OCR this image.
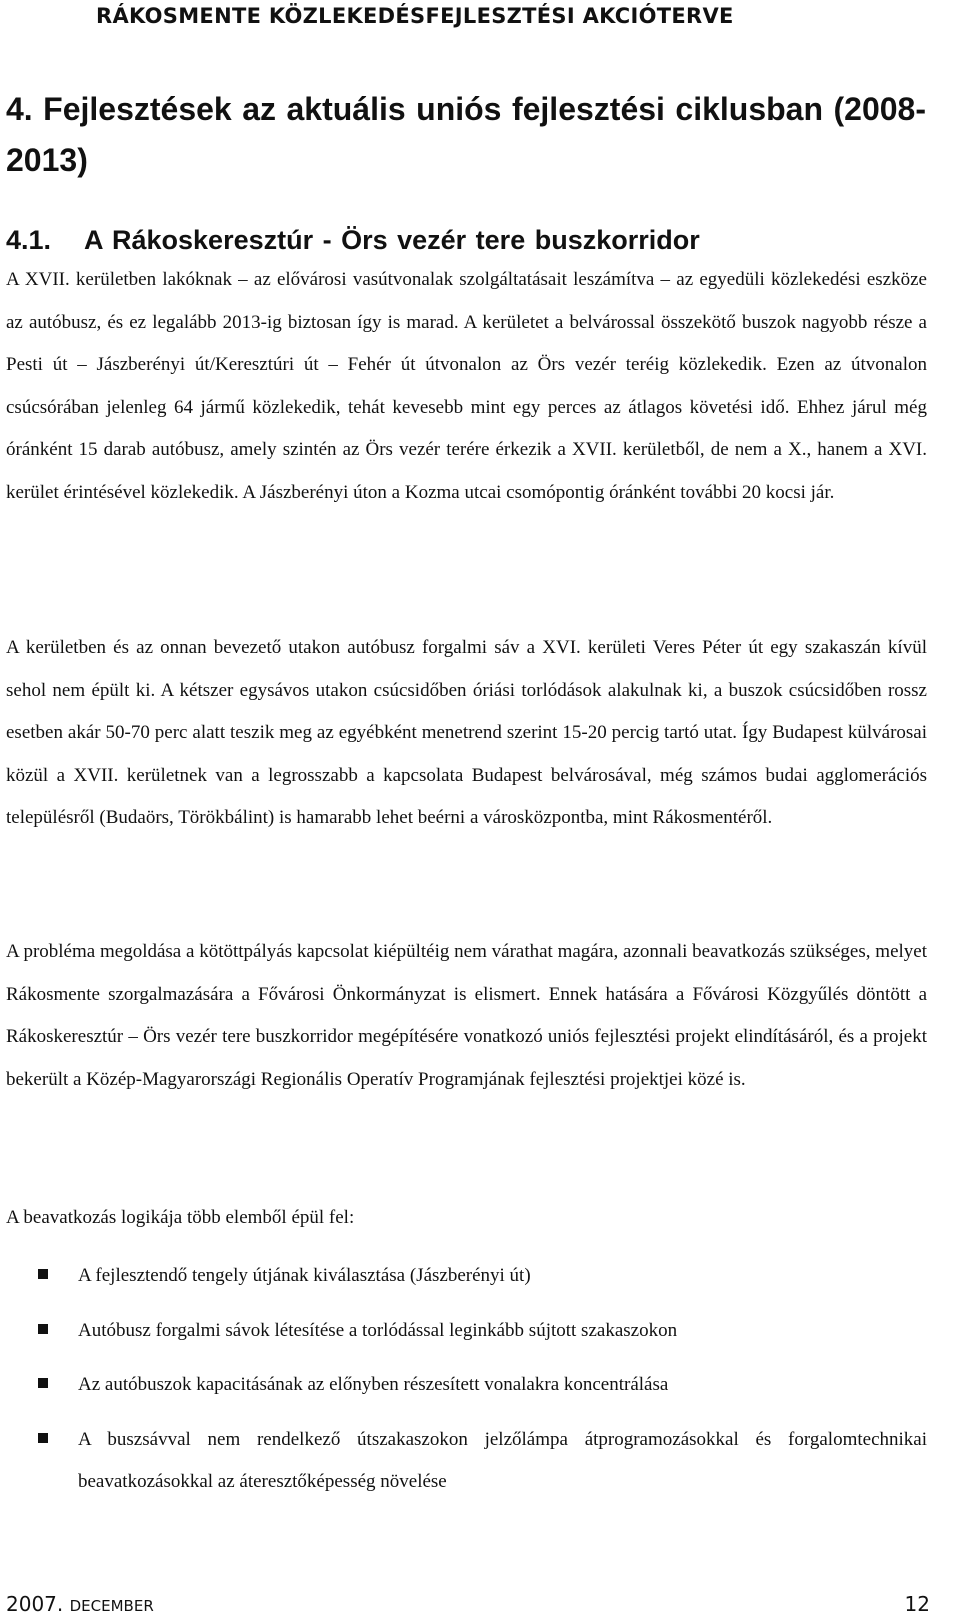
RÁKOSMENTE KÖZLEKEDÉSFEJLESZTÉSI AKCIÓTERVE
4. Fejlesztések az aktuális uniós fejlesztési ciklusban (2008-2013)
4.1. A Rákoskeresztúr - Örs vezér tere buszkorridor

A XVII. kerületben lakóknak – az elővárosi vasútvonalak szolgáltatásait leszámítva – az egyedüli közlekedési eszköze az autóbusz, és ez legalább 2013-ig biztosan így is marad. A kerületet a belvárossal összekötő buszok nagyobb része a Pesti út – Jászberényi út/Keresztúri út – Fehér út útvonalon az Örs vezér teréig közlekedik. Ezen az útvonalon csúcsórában jelenleg 64 jármű közlekedik, tehát kevesebb mint egy perces az átlagos követési idő. Ehhez járul még óránként 15 darab autóbusz, amely szintén az Örs vezér terére érkezik a XVII. kerületből, de nem a X., hanem a XVI. kerület érintésével közlekedik. A Jászberényi úton a Kozma utcai csomópontig óránként további 20 kocsi jár.

A kerületben és az onnan bevezető utakon autóbusz forgalmi sáv a XVI. kerületi Veres Péter út egy szakaszán kívül sehol nem épült ki. A kétszer egysávos utakon csúcsidőben óriási torlódások alakulnak ki, a buszok csúcsidőben rossz esetben akár 50-70 perc alatt teszik meg az egyébként menetrend szerint 15-20 percig tartó utat. Így Budapest külvárosai közül a XVII. kerületnek van a legrosszabb a kapcsolata Budapest belvárosával, még számos budai agglomerációs településről (Budaörs, Törökbálint) is hamarabb lehet beérni a városközpontba, mint Rákosmentéről.

A probléma megoldása a kötöttpályás kapcsolat kiépültéig nem várathat magára, azonnali beavatkozás szükséges, melyet Rákosmente szorgalmazására a Fővárosi Önkormányzat is elismert. Ennek hatására a Fővárosi Közgyűlés döntött a Rákoskeresztúr – Örs vezér tere buszkorridor megépítésére vonatkozó uniós fejlesztési projekt elindításáról, és a projekt bekerült a Közép-Magyarországi Regionális Operatív Programjának fejlesztési projektjei közé is.

A beavatkozás logikája több elemből épül fel:

A fejlesztendő tengely útjának kiválasztása (Jászberényi út)
Autóbusz forgalmi sávok létesítése a torlódással leginkább sújtott szakaszokon
Az autóbuszok kapacitásának az előnyben részesített vonalakra koncentrálása
A buszsávval nem rendelkező útszakaszokon jelzőlámpa átprogramozásokkal és forgalomtechnikai beavatkozásokkal az áteresztőképesség növelése
2007. DECEMBER	12
